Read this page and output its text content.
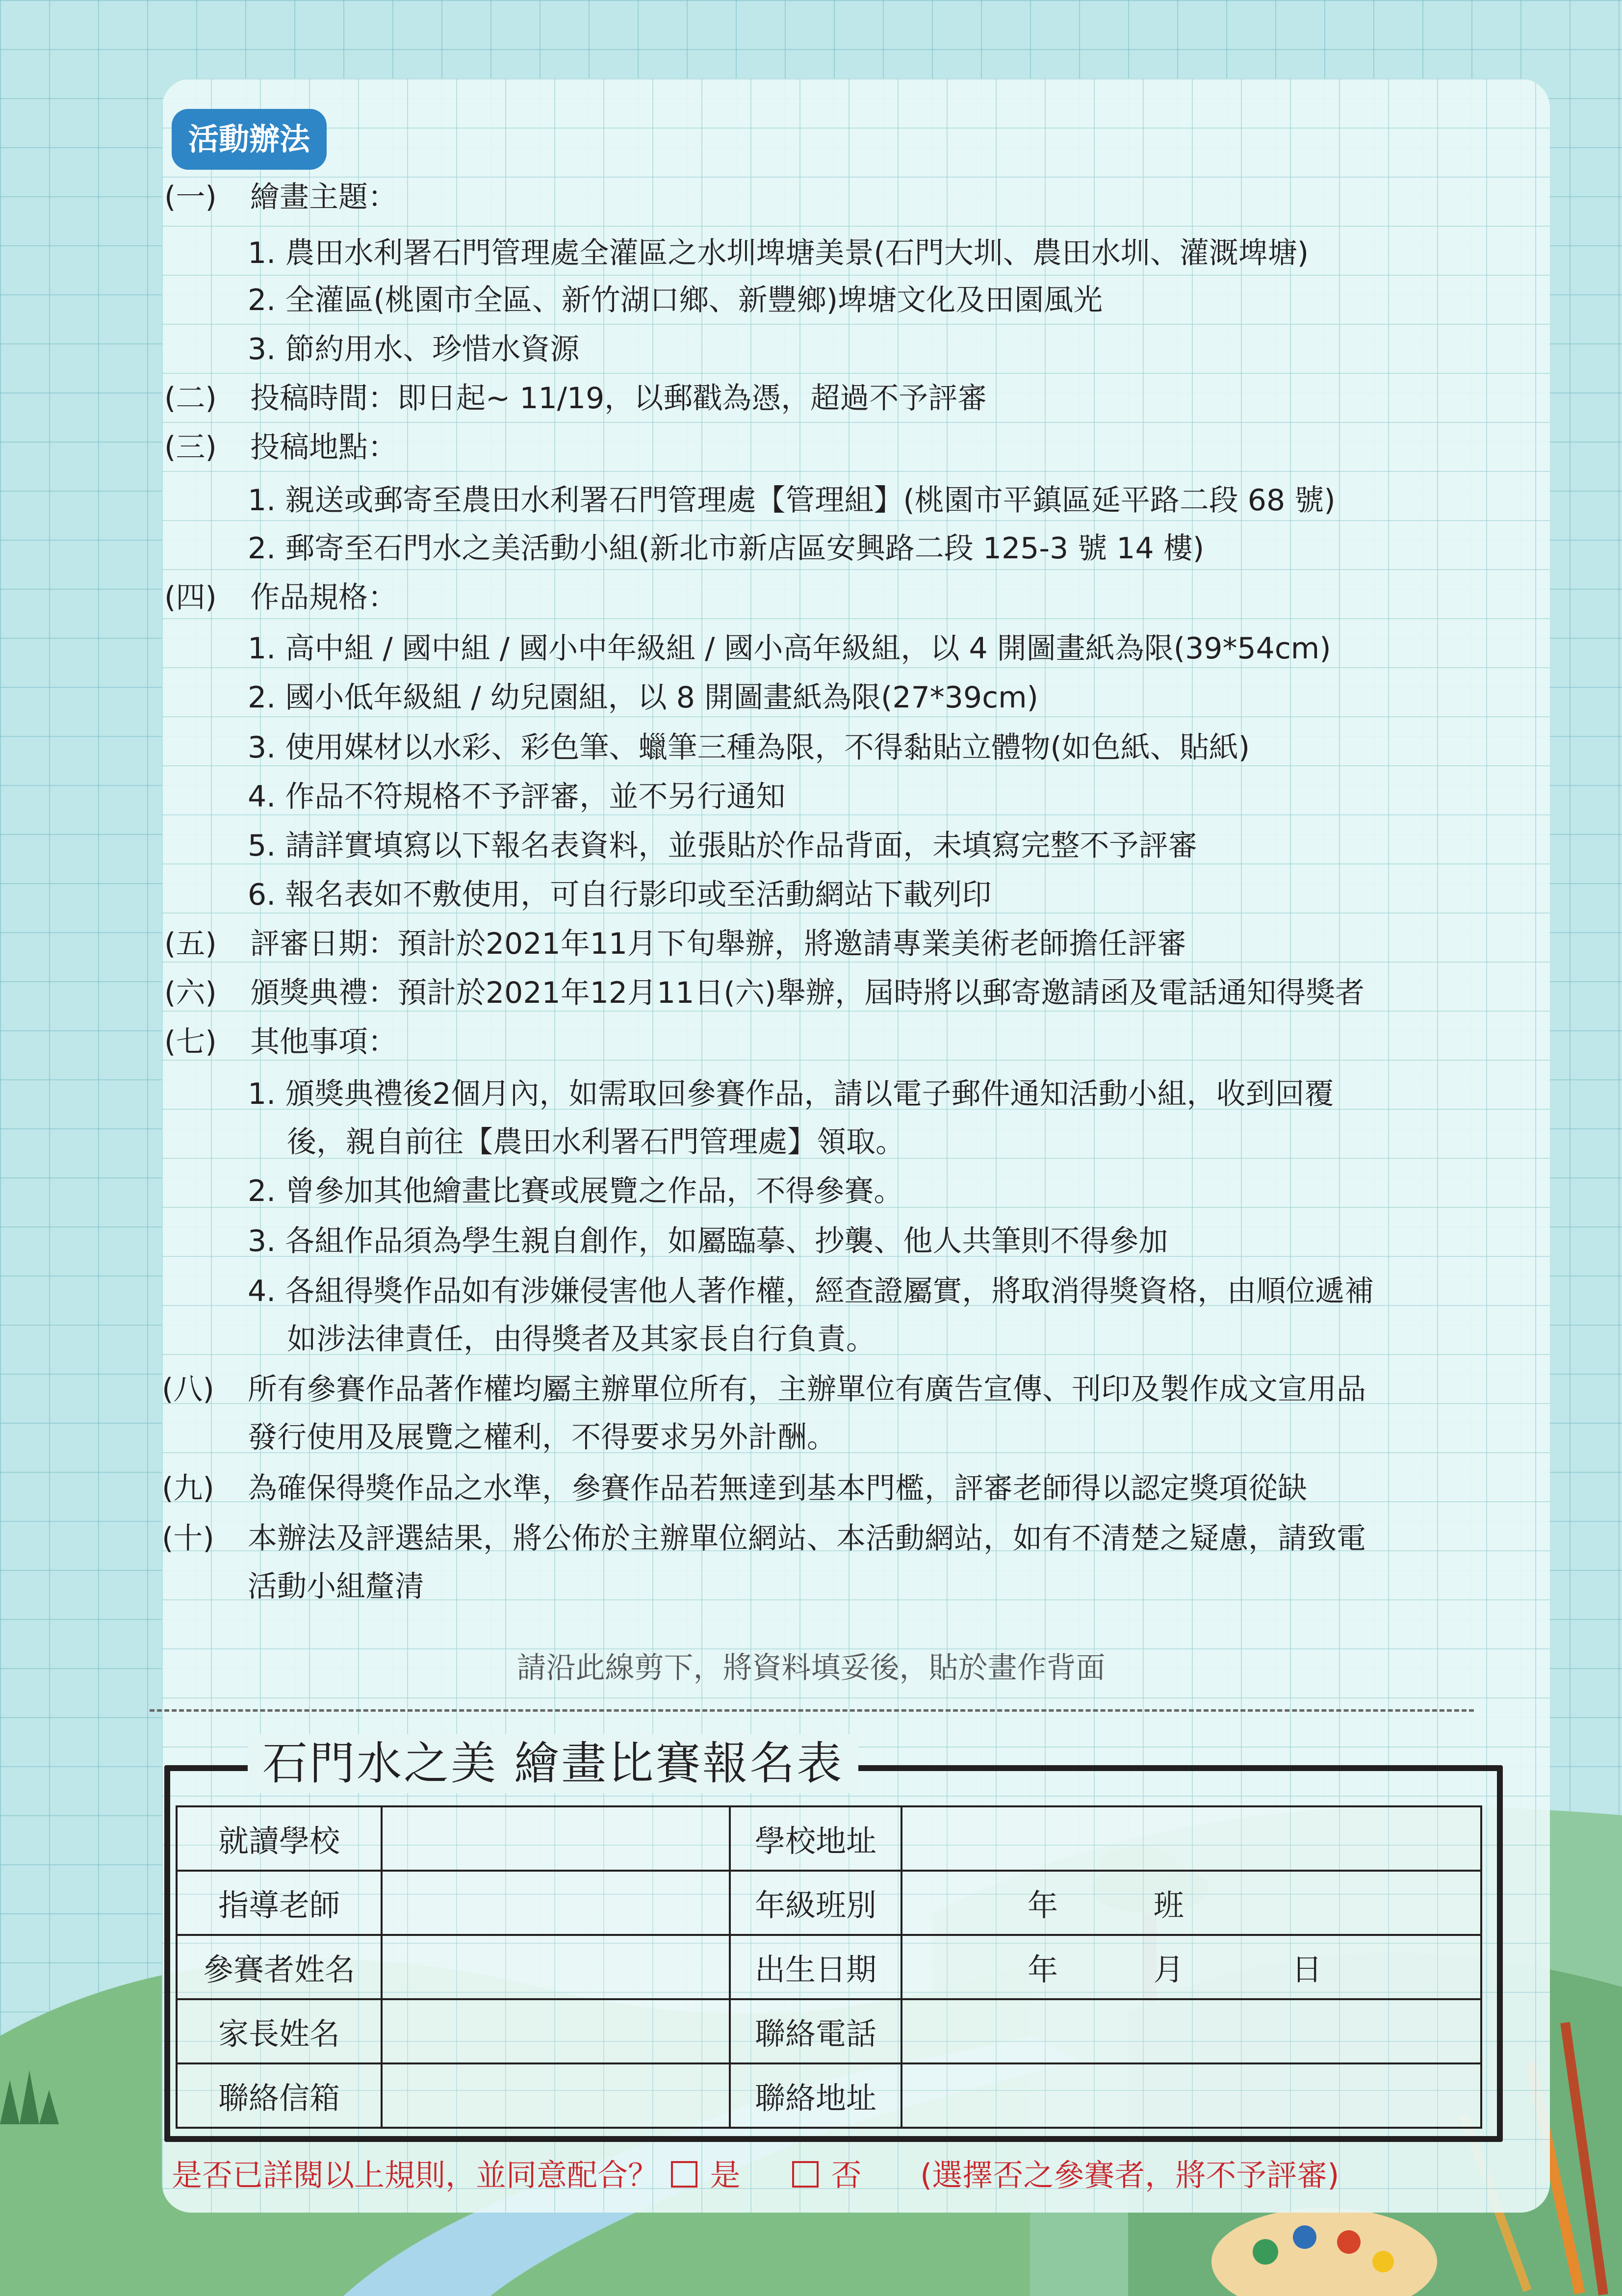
活動辦法
(一) 繪畫主題：
1. 農田水利署石門管理處全灌區之水圳埤塘美景(石門大圳、農田水圳、灌溉埤塘)
2. 全灌區(桃園市全區、新竹湖口鄉、新豐鄉)埤塘文化及田園風光
3. 節約用水、珍惜水資源
(二) 投稿時間：即日起~ 11/19，以郵戳為憑，超過不予評審
(三) 投稿地點：
1. 親送或郵寄至農田水利署石門管理處【管理組】(桃園市平鎮區延平路二段 68 號)
2. 郵寄至石門水之美活動小組(新北市新店區安興路二段 125-3 號 14 樓)
(四) 作品規格：
1. 高中組 / 國中組 / 國小中年級組 / 國小高年級組，以 4 開圖畫紙為限(39*54cm)
2. 國小低年級組 / 幼兒園組，以 8 開圖畫紙為限(27*39cm)
3. 使用媒材以水彩、彩色筆、蠟筆三種為限，不得黏貼立體物(如色紙、貼紙)
4. 作品不符規格不予評審，並不另行通知
5. 請詳實填寫以下報名表資料，並張貼於作品背面，未填寫完整不予評審
6. 報名表如不敷使用，可自行影印或至活動網站下載列印
(五) 評審日期：預計於2021年11月下旬舉辦，將邀請專業美術老師擔任評審
(六) 頒獎典禮：預計於2021年12月11日(六)舉辦，屆時將以郵寄邀請函及電話通知得獎者
(七) 其他事項：
1. 頒獎典禮後2個月內，如需取回參賽作品，請以電子郵件通知活動小組，收到回覆
後，親自前往【農田水利署石門管理處】領取。
2. 曾參加其他繪畫比賽或展覽之作品，不得參賽。
3. 各組作品須為學生親自創作，如屬臨摹、抄襲、他人共筆則不得參加
4. 各組得獎作品如有涉嫌侵害他人著作權，經查證屬實，將取消得獎資格，由順位遞補
如涉法律責任，由得獎者及其家長自行負責。
(八) 所有參賽作品著作權均屬主辦單位所有，主辦單位有廣告宣傳、刊印及製作成文宣用品
發行使用及展覽之權利，不得要求另外計酬。
(九) 為確保得獎作品之水準，參賽作品若無達到基本門檻，評審老師得以認定獎項從缺
(十) 本辦法及評選結果，將公佈於主辦單位網站、本活動網站，如有不清楚之疑慮，請致電
活動小組釐清
請沿此線剪下，將資料填妥後，貼於畫作背面
石門水之美 繪畫比賽報名表
就讀學校		學校地址	
指導老師		年級班別	年 班
參賽者姓名		出生日期	年 月 日
家長姓名		聯絡電話	
聯絡信箱		聯絡地址	
是否已詳閱以上規則，並同意配合？ 是	否 (選擇否之參賽者，將不予評審)
